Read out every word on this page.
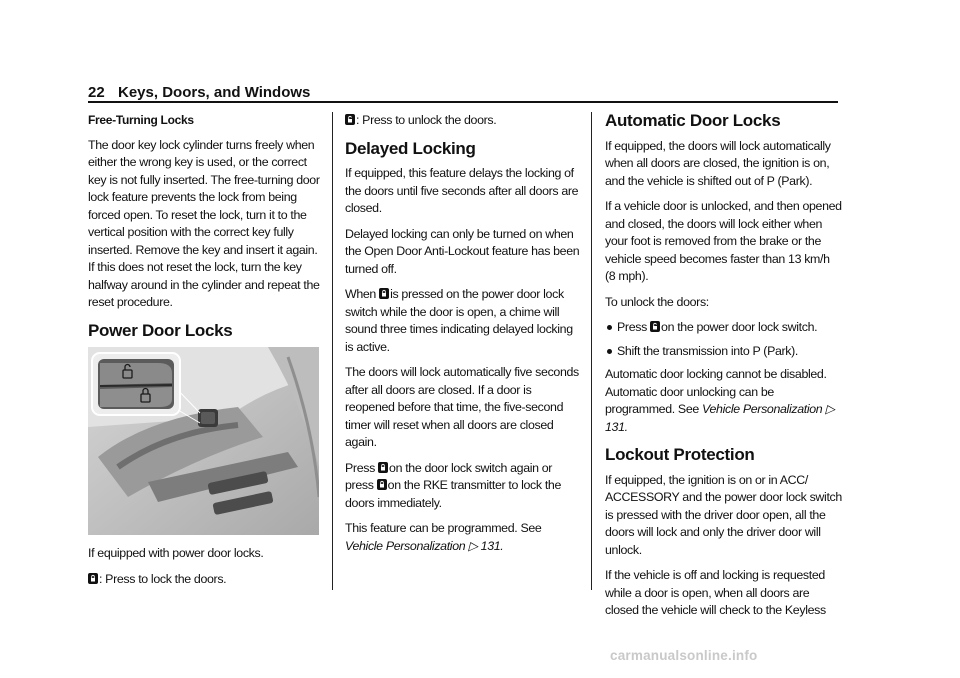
22 Keys, Doors, and Windows
Free-Turning Locks

The door key lock cylinder turns freely when either the wrong key is used, or the correct key is not fully inserted. The free-turning door lock feature prevents the lock from being forced open. To reset the lock, turn it to the vertical position with the correct key fully inserted. Remove the key and insert it again. If this does not reset the lock, turn the key halfway around in the cylinder and repeat the reset procedure.

Power Door Locks

If equipped with power door locks.

: Press to lock the doors.

: Press to unlock the doors.

Delayed Locking

If equipped, this feature delays the locking of the doors until five seconds after all doors are closed.

Delayed locking can only be turned on when the Open Door Anti-Lockout feature has been turned off.

When is pressed on the power door lock switch while the door is open, a chime will sound three times indicating delayed locking is active.

The doors will lock automatically five seconds after all doors are closed. If a door is reopened before that time, the five-second timer will reset when all doors are closed again.

Press on the door lock switch again or press on the RKE transmitter to lock the doors immediately.

This feature can be programmed. See Vehicle Personalization ▷ 131.

Automatic Door Locks

If equipped, the doors will lock automatically when all doors are closed, the ignition is on, and the vehicle is shifted out of P (Park).

If a vehicle door is unlocked, and then opened and closed, the doors will lock either when your foot is removed from the brake or the vehicle speed becomes faster than 13 km/h (8 mph).

To unlock the doors:

Press on the power door lock switch.
Shift the transmission into P (Park).

Automatic door locking cannot be disabled. Automatic door unlocking can be programmed. See Vehicle Personalization ▷ 131.

Lockout Protection

If equipped, the ignition is on or in ACC/ ACCESSORY and the power door lock switch is pressed with the driver door open, all the doors will lock and only the driver door will unlock.

If the vehicle is off and locking is requested while a door is open, when all doors are closed the vehicle will check to the Keyless

carmanualsonline.info
